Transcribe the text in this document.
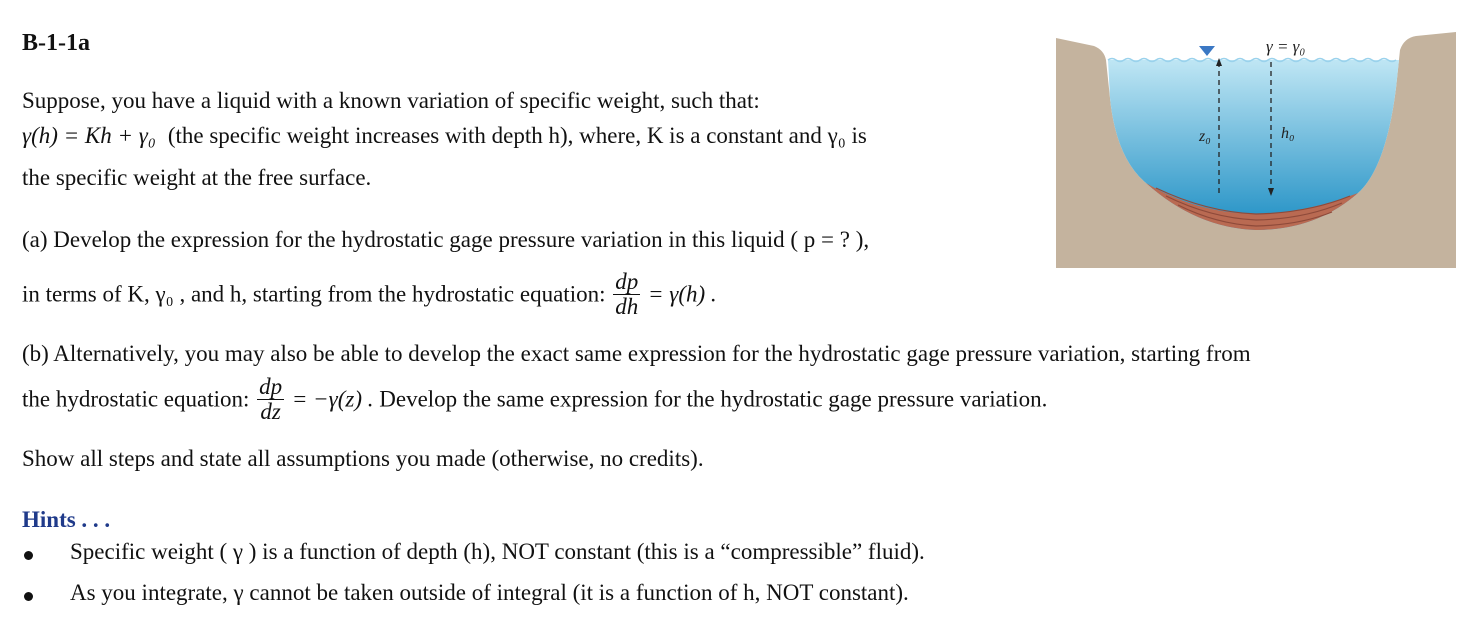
B-1-1a
Suppose, you have a liquid with a known variation of specific weight, such that:
γ(h) = Kh + γ₀ (the specific weight increases with depth h), where, K is a constant and γ₀ is
the specific weight at the free surface.
(a) Develop the expression for the hydrostatic gage pressure variation in this liquid ( p = ? ),
in terms of K, γ₀ , and h, starting from the hydrostatic equation: $\frac{dp}{dh} = \gamma(h)$ .
(b) Alternatively, you may also be able to develop the exact same expression for the hydrostatic gage pressure variation, starting from
the hydrostatic equation: $\frac{dp}{dz} = -\gamma(z)$ . Develop the same expression for the hydrostatic gage pressure variation.
Show all steps and state all assumptions you made (otherwise, no credits).
Hints . . .
Specific weight ( γ ) is a function of depth (h), NOT constant (this is a “compressible” fluid).
As you integrate, γ cannot be taken outside of integral (it is a function of h, NOT constant).
γ = γ₀
z₀	h₀
